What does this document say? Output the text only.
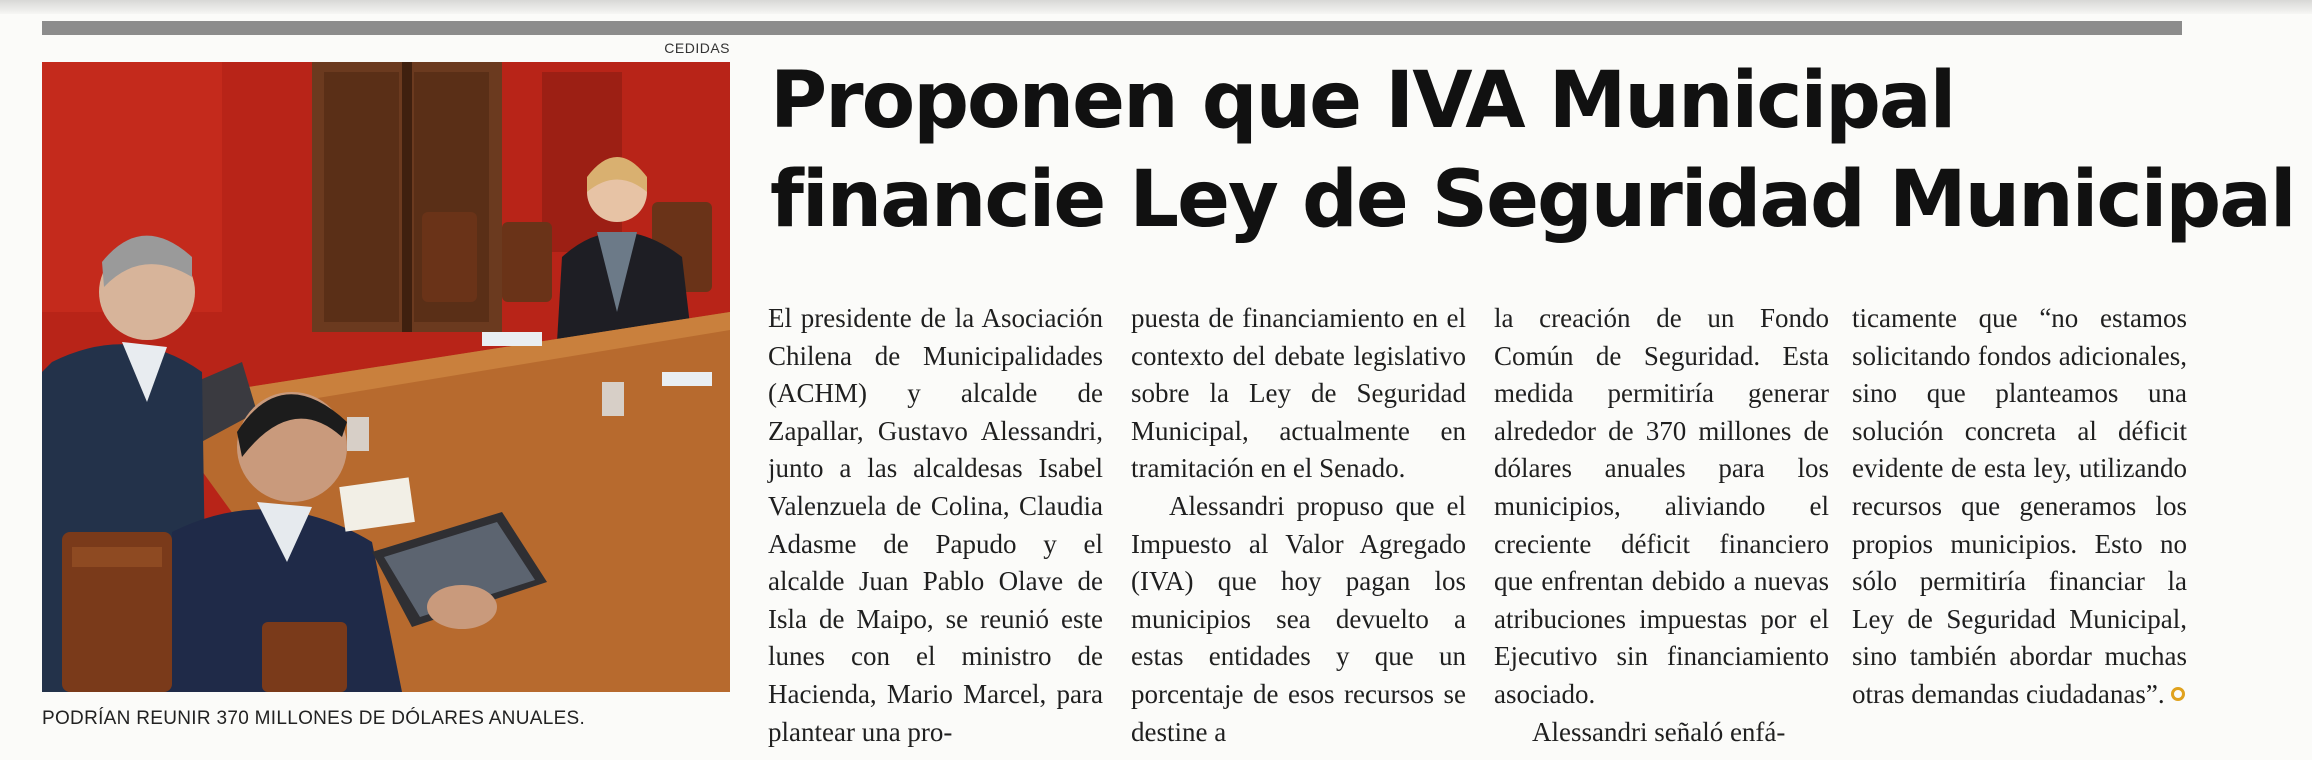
CEDIDAS
PODRÍAN REUNIR 370 MILLONES DE DÓLARES ANUALES.
Proponen que IVA Municipal
financie Ley de Seguridad Municipal

El presidente de la Asociación Chilena de Municipalidades (ACHM) y alcalde de Zapallar, Gustavo Alessandri, junto a las alcaldesas Isabel Valenzuela de Colina, Claudia Adasme de Papudo y el alcalde Juan Pablo Olave de Isla de Maipo, se reunió este lunes con el ministro de Hacienda, Mario Marcel, para plantear una pro-

puesta de financiamiento en el contexto del debate legislativo sobre la Ley de Seguridad Municipal, actualmente en tramitación en el Senado.

Alessandri propuso que el Impuesto al Valor Agregado (IVA) que hoy pagan los municipios sea devuelto a estas entidades y que un porcentaje de esos recursos se destine a

la creación de un Fondo Común de Seguridad. Esta medida permitiría generar alrededor de 370 millones de dólares anuales para los municipios, aliviando el creciente déficit financiero que enfrentan debido a nuevas atribuciones impuestas por el Ejecutivo sin financiamiento asociado.

Alessandri señaló enfá-

ticamente que “no estamos solicitando fondos adicionales, sino que planteamos una solución concreta al déficit evidente de esta ley, utilizando recursos que generamos los propios municipios. Esto no sólo permitiría financiar la Ley de Seguridad Municipal, sino también abordar muchas otras demandas ciudadanas”.
